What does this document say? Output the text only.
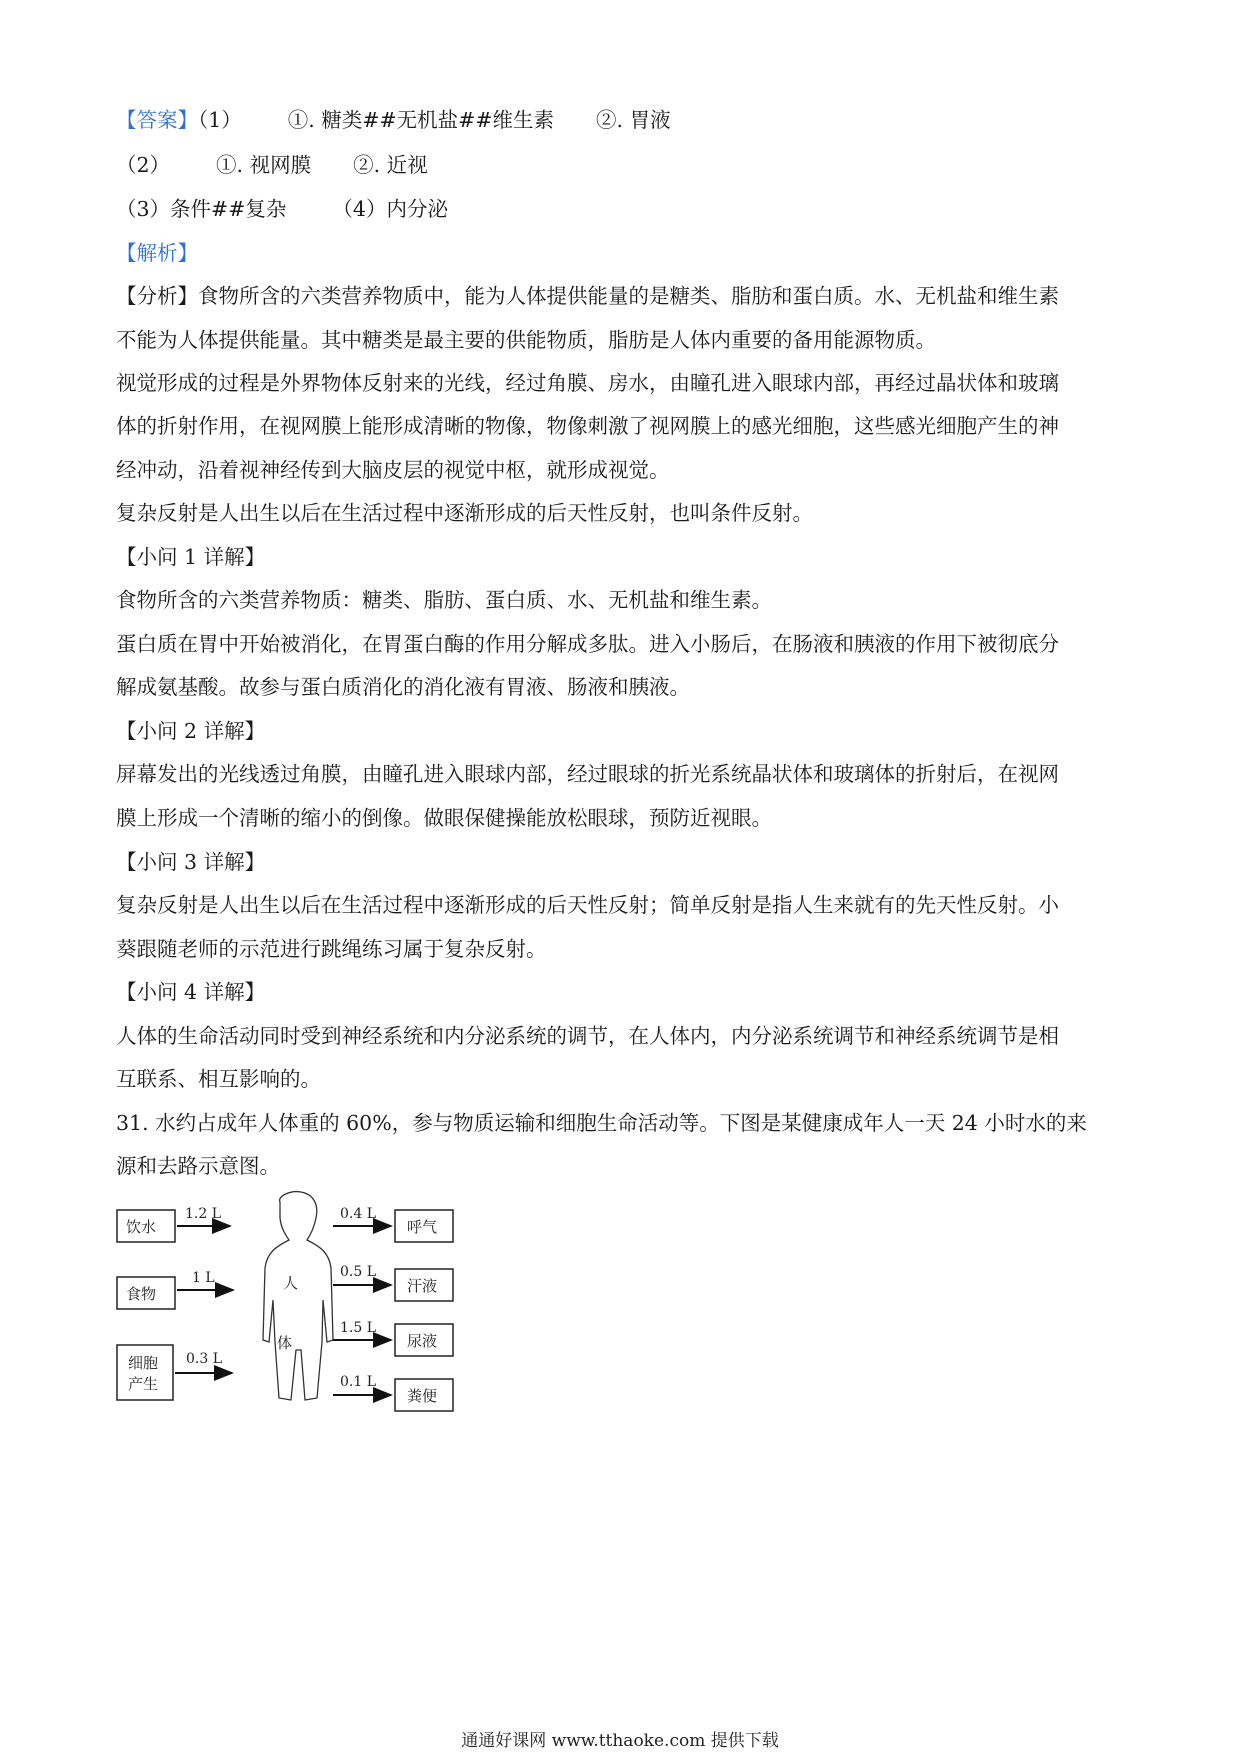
【答案】（1） ①. 糖类##无机盐##维生素 ②. 胃液
（2） ①. 视网膜 ②. 近视
（3）条件##复杂 （4）内分泌
【解析】
【分析】食物所含的六类营养物质中，能为人体提供能量的是糖类、脂肪和蛋白质。水、无机盐和维生素
不能为人体提供能量。其中糖类是最主要的供能物质，脂肪是人体内重要的备用能源物质。
视觉形成的过程是外界物体反射来的光线，经过角膜、房水，由瞳孔进入眼球内部，再经过晶状体和玻璃
体的折射作用，在视网膜上能形成清晰的物像，物像刺激了视网膜上的感光细胞，这些感光细胞产生的神
经冲动，沿着视神经传到大脑皮层的视觉中枢，就形成视觉。
复杂反射是人出生以后在生活过程中逐渐形成的后天性反射，也叫条件反射。
【小问 1 详解】
食物所含的六类营养物质：糖类、脂肪、蛋白质、水、无机盐和维生素。
蛋白质在胃中开始被消化，在胃蛋白酶的作用分解成多肽。进入小肠后，在肠液和胰液的作用下被彻底分
解成氨基酸。故参与蛋白质消化的消化液有胃液、肠液和胰液。
【小问 2 详解】
屏幕发出的光线透过角膜，由瞳孔进入眼球内部，经过眼球的折光系统晶状体和玻璃体的折射后，在视网
膜上形成一个清晰的缩小的倒像。做眼保健操能放松眼球，预防近视眼。
【小问 3 详解】
复杂反射是人出生以后在生活过程中逐渐形成的后天性反射；简单反射是指人生来就有的先天性反射。小
葵跟随老师的示范进行跳绳练习属于复杂反射。
【小问 4 详解】
人体的生命活动同时受到神经系统和内分泌系统的调节，在人体内，内分泌系统调节和神经系统调节是相
互联系、相互影响的。
31. 水约占成年人体重的 60%，参与物质运输和细胞生命活动等。下图是某健康成年人一天 24 小时水的来
源和去路示意图。
人
体
饮水
食物
细胞
产生
1.2 L
1 L
0.3 L
0.4 L
0.5 L
1.5 L
0.1 L
呼气
汗液
尿液
粪便
通通好课网 www.tthaoke.com 提供下载
